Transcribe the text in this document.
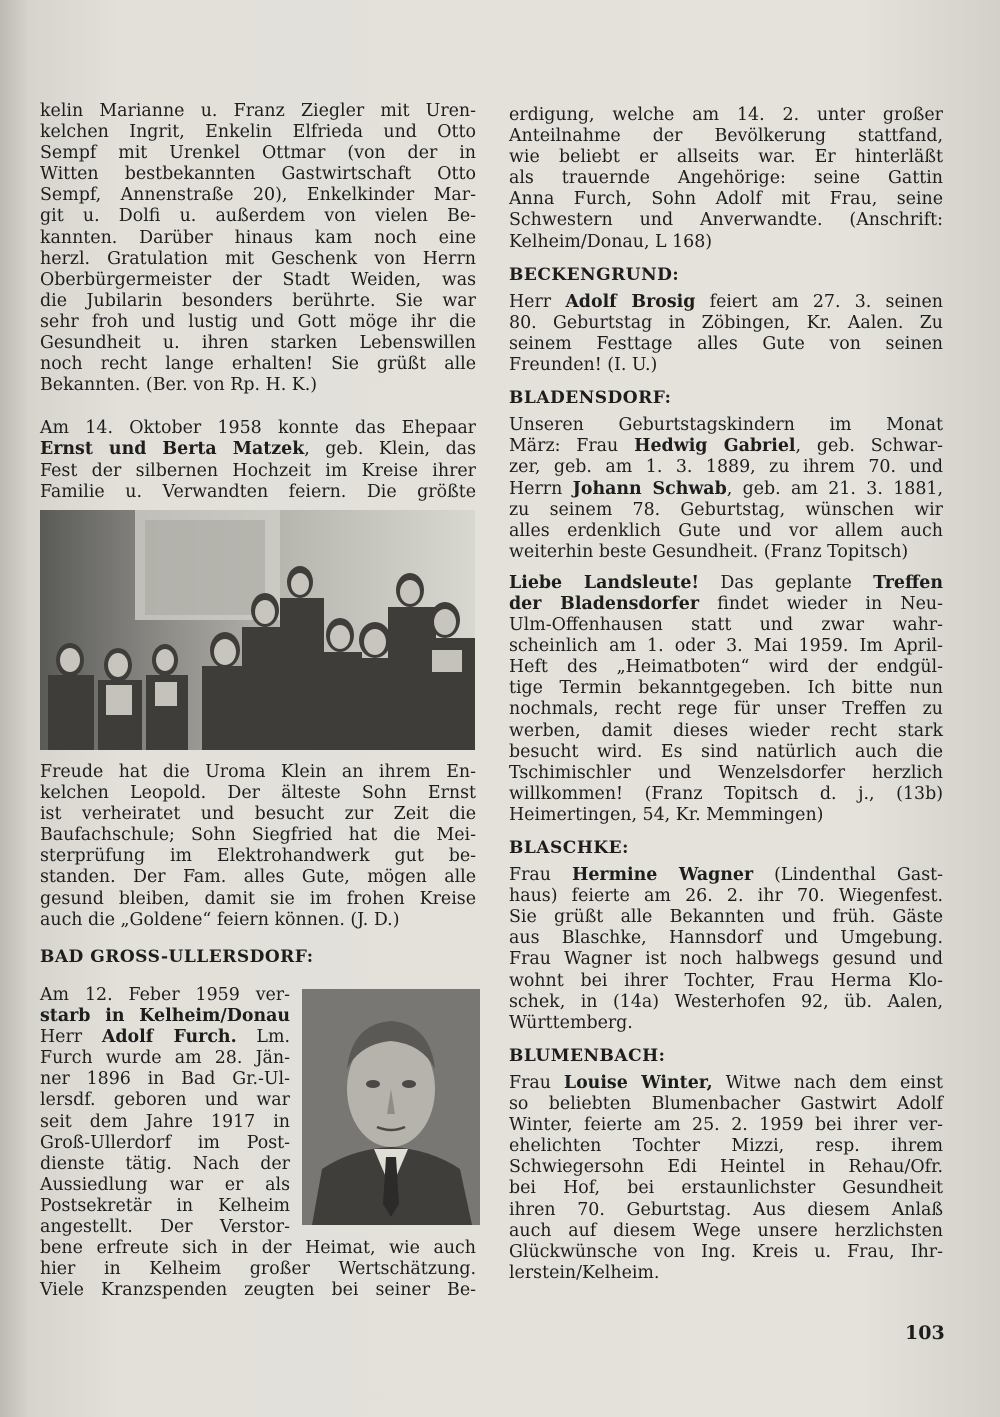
kelin Marianne u. Franz Ziegler mit Uren-
kelchen Ingrit, Enkelin Elfrieda und Otto
Sempf mit Urenkel Ottmar (von der in
Witten bestbekannten Gastwirtschaft Otto
Sempf, Annenstraße 20), Enkelkinder Mar-
git u. Dolfi u. außerdem von vielen Be-
kannten. Darüber hinaus kam noch eine
herzl. Gratulation mit Geschenk von Herrn
Oberbürgermeister der Stadt Weiden, was
die Jubilarin besonders berührte. Sie war
sehr froh und lustig und Gott möge ihr die
Gesundheit u. ihren starken Lebenswillen
noch recht lange erhalten! Sie grüßt alle
Bekannten. (Ber. von Rp. H. K.)
Am 14. Oktober 1958 konnte das Ehepaar
Ernst und Berta Matzek, geb. Klein, das
Fest der silbernen Hochzeit im Kreise ihrer
Familie u. Verwandten feiern. Die größte
Freude hat die Uroma Klein an ihrem En-
kelchen Leopold. Der älteste Sohn Ernst
ist verheiratet und besucht zur Zeit die
Baufachschule; Sohn Siegfried hat die Mei-
sterprüfung im Elektrohandwerk gut be-
standen. Der Fam. alles Gute, mögen alle
gesund bleiben, damit sie im frohen Kreise
auch die „Goldene“ feiern können. (J. D.)
BAD GROSS-ULLERSDORF:
Am 12. Feber 1959 ver-
starb in Kelheim/Donau
Herr Adolf Furch. Lm.
Furch wurde am 28. Jän-
ner 1896 in Bad Gr.-Ul-
lersdf. geboren und war
seit dem Jahre 1917 in
Groß-Ullerdorf im Post-
dienste tätig. Nach der
Aussiedlung war er als
Postsekretär in Kelheim
angestellt. Der Verstor-
bene erfreute sich in der Heimat, wie auch
hier in Kelheim großer Wertschätzung.
Viele Kranzspenden zeugten bei seiner Be-
erdigung, welche am 14. 2. unter großer
Anteilnahme der Bevölkerung stattfand,
wie beliebt er allseits war. Er hinterläßt
als trauernde Angehörige: seine Gattin
Anna Furch, Sohn Adolf mit Frau, seine
Schwestern und Anverwandte. (Anschrift:
Kelheim/Donau, L 168)
BECKENGRUND:
Herr Adolf Brosig feiert am 27. 3. seinen
80. Geburtstag in Zöbingen, Kr. Aalen. Zu
seinem Festtage alles Gute von seinen
Freunden! (I. U.)
BLADENSDORF:
Unseren Geburtstagskindern im Monat
März: Frau Hedwig Gabriel, geb. Schwar-
zer, geb. am 1. 3. 1889, zu ihrem 70. und
Herrn Johann Schwab, geb. am 21. 3. 1881,
zu seinem 78. Geburtstag, wünschen wir
alles erdenklich Gute und vor allem auch
weiterhin beste Gesundheit. (Franz Topitsch)
Liebe Landsleute! Das geplante Treffen
der Bladensdorfer findet wieder in Neu-
Ulm-Offenhausen statt und zwar wahr-
scheinlich am 1. oder 3. Mai 1959. Im April-
Heft des „Heimatboten“ wird der endgül-
tige Termin bekanntgegeben. Ich bitte nun
nochmals, recht rege für unser Treffen zu
werben, damit dieses wieder recht stark
besucht wird. Es sind natürlich auch die
Tschimischler und Wenzelsdorfer herzlich
willkommen! (Franz Topitsch d. j., (13b)
Heimertingen, 54, Kr. Memmingen)
BLASCHKE:
Frau Hermine Wagner (Lindenthal Gast-
haus) feierte am 26. 2. ihr 70. Wiegenfest.
Sie grüßt alle Bekannten und früh. Gäste
aus Blaschke, Hannsdorf und Umgebung.
Frau Wagner ist noch halbwegs gesund und
wohnt bei ihrer Tochter, Frau Herma Klo-
schek, in (14a) Westerhofen 92, üb. Aalen,
Württemberg.
BLUMENBACH:
Frau Louise Winter, Witwe nach dem einst
so beliebten Blumenbacher Gastwirt Adolf
Winter, feierte am 25. 2. 1959 bei ihrer ver-
ehelichten Tochter Mizzi, resp. ihrem
Schwiegersohn Edi Heintel in Rehau/Ofr.
bei Hof, bei erstaunlichster Gesundheit
ihren 70. Geburtstag. Aus diesem Anlaß
auch auf diesem Wege unsere herzlichsten
Glückwünsche von Ing. Kreis u. Frau, Ihr-
lerstein/Kelheim.
103
